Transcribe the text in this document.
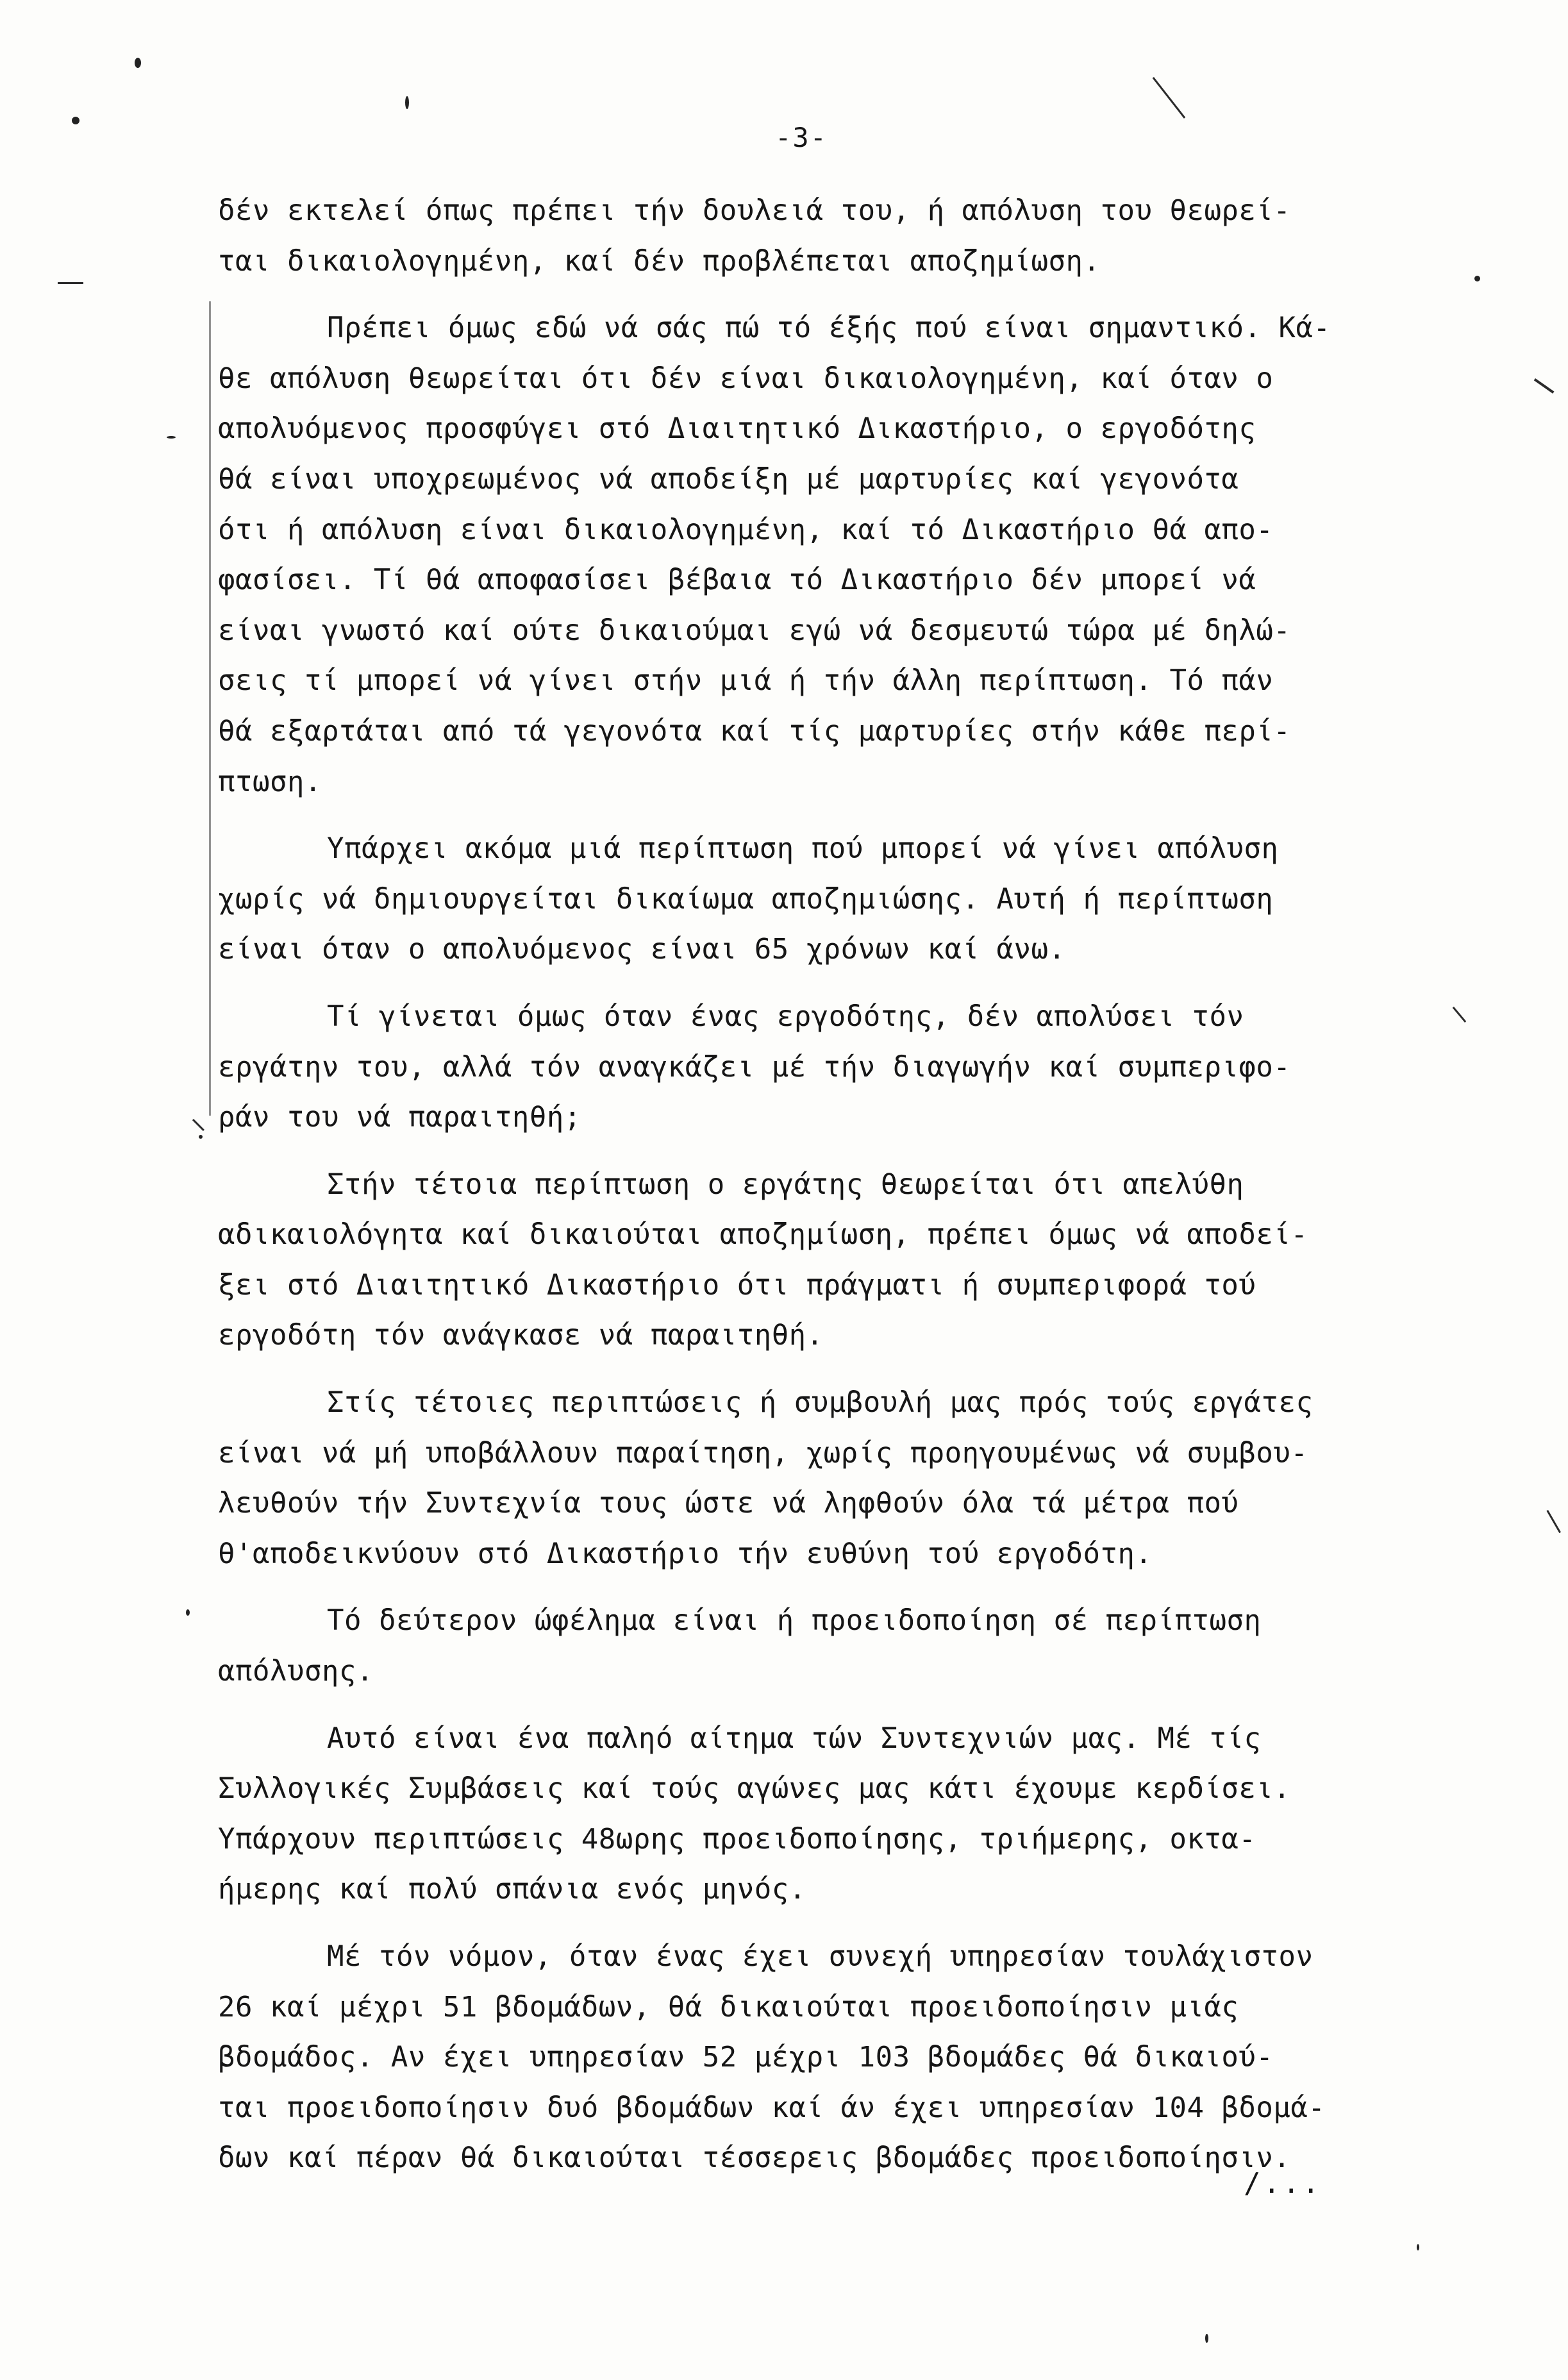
-3-
δέν εκτελεί όπως πρέπει τήν δουλειά του, ή απόλυση του θεωρεί-
ται δικαιολογημένη, καί δέν προβλέπεται αποζημίωση.
Πρέπει όμως εδώ νά σάς πώ τό έξής πού είναι σημαντικό. Κά-
θε απόλυση θεωρείται ότι δέν είναι δικαιολογημένη, καί όταν ο
απολυόμενος προσφύγει στό Διαιτητικό Δικαστήριο, ο εργοδότης
θά είναι υποχρεωμένος νά αποδείξη μέ μαρτυρίες καί γεγονότα
ότι ή απόλυση είναι δικαιολογημένη, καί τό Δικαστήριο θά απο-
φασίσει. Τί θά αποφασίσει βέβαια τό Δικαστήριο δέν μπορεί νά
είναι γνωστό καί ούτε δικαιούμαι εγώ νά δεσμευτώ τώρα μέ δηλώ-
σεις τί μπορεί νά γίνει στήν μιά ή τήν άλλη περίπτωση. Τό πάν
θά εξαρτάται από τά γεγονότα καί τίς μαρτυρίες στήν κάθε περί-
πτωση.
Υπάρχει ακόμα μιά περίπτωση πού μπορεί νά γίνει απόλυση
χωρίς νά δημιουργείται δικαίωμα αποζημιώσης. Αυτή ή περίπτωση
είναι όταν ο απολυόμενος είναι 65 χρόνων καί άνω.
Τί γίνεται όμως όταν ένας εργοδότης, δέν απολύσει τόν
εργάτην του, αλλά τόν αναγκάζει μέ τήν διαγωγήν καί συμπεριφο-
ράν του νά παραιτηθή;
Στήν τέτοια περίπτωση ο εργάτης θεωρείται ότι απελύθη
αδικαιολόγητα καί δικαιούται αποζημίωση, πρέπει όμως νά αποδεί-
ξει στό Διαιτητικό Δικαστήριο ότι πράγματι ή συμπεριφορά τού
εργοδότη τόν ανάγκασε νά παραιτηθή.
Στίς τέτοιες περιπτώσεις ή συμβουλή μας πρός τούς εργάτες
είναι νά μή υποβάλλουν παραίτηση, χωρίς προηγουμένως νά συμβου-
λευθούν τήν Συντεχνία τους ώστε νά ληφθούν όλα τά μέτρα πού
θ'αποδεικνύουν στό Δικαστήριο τήν ευθύνη τού εργοδότη.
Τό δεύτερον ώφέλημα είναι ή προειδοποίηση σέ περίπτωση
απόλυσης.
Αυτό είναι ένα παληό αίτημα τών Συντεχνιών μας. Μέ τίς
Συλλογικές Συμβάσεις καί τούς αγώνες μας κάτι έχουμε κερδίσει.
Υπάρχουν περιπτώσεις 48ωρης προειδοποίησης, τριήμερης, οκτα-
ήμερης καί πολύ σπάνια ενός μηνός.
Μέ τόν νόμον, όταν ένας έχει συνεχή υπηρεσίαν τουλάχιστον
26 καί μέχρι 51 βδομάδων, θά δικαιούται προειδοποίησιν μιάς
βδομάδος. Αν έχει υπηρεσίαν 52 μέχρι 103 βδομάδες θά δικαιού-
ται προειδοποίησιν δυό βδομάδων καί άν έχει υπηρεσίαν 104 βδομά-
δων καί πέραν θά δικαιούται τέσσερεις βδομάδες προειδοποίησιν.
/...
